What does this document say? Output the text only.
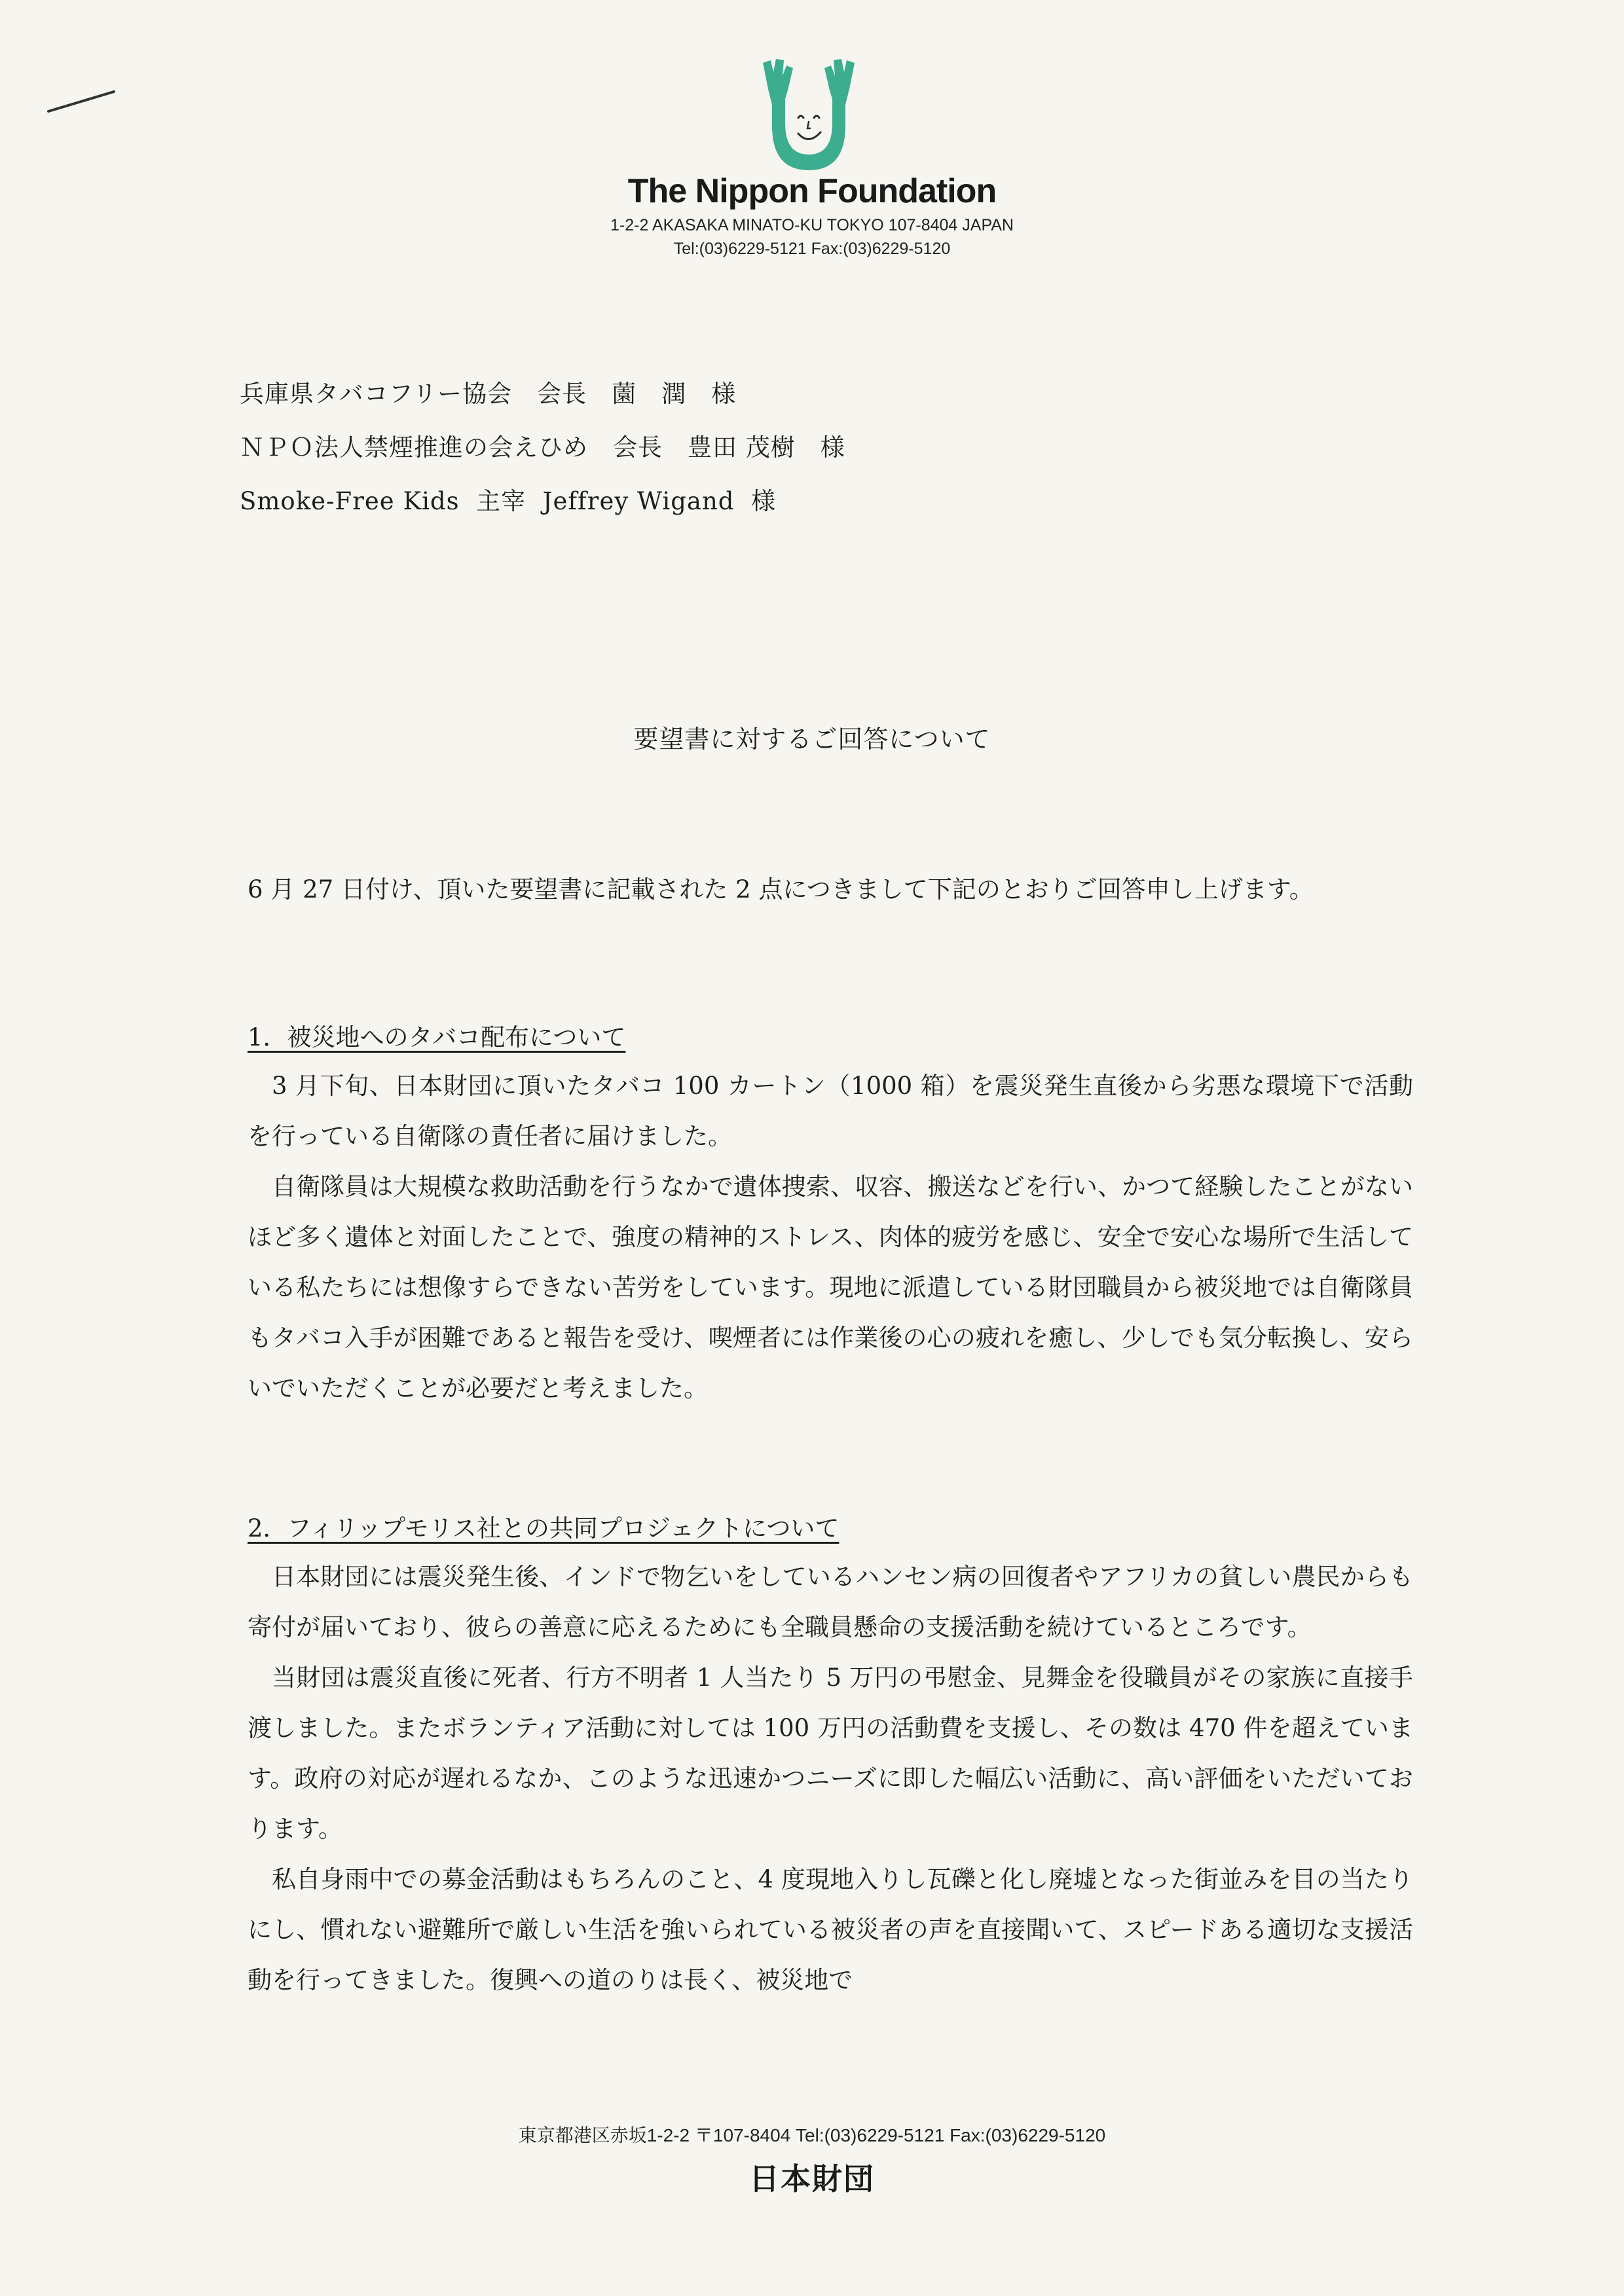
The Nippon Foundation
1-2-2 AKASAKA MINATO-KU TOKYO 107-8404 JAPAN
Tel:(03)6229-5121 Fax:(03)6229-5120
兵庫県タバコフリー協会　会長　薗　潤　様
ＮＰＯ法人禁煙推進の会えひめ　会長　豊田 茂樹　様
Smoke-Free Kids  主宰  Jeffrey Wigand  様
要望書に対するご回答について

6 月 27 日付け、頂いた要望書に記載された 2 点につきまして下記のとおりご回答申し上げます。

1．被災地へのタバコ配布について

3 月下旬、日本財団に頂いたタバコ 100 カートン（1000 箱）を震災発生直後から劣悪な環境下で活動を行っている自衛隊の責任者に届けました。

自衛隊員は大規模な救助活動を行うなかで遺体捜索、収容、搬送などを行い、かつて経験したことがないほど多く遺体と対面したことで、強度の精神的ストレス、肉体的疲労を感じ、安全で安心な場所で生活している私たちには想像すらできない苦労をしています。現地に派遣している財団職員から被災地では自衛隊員もタバコ入手が困難であると報告を受け、喫煙者には作業後の心の疲れを癒し、少しでも気分転換し、安らいでいただくことが必要だと考えました。

2．フィリップモリス社との共同プロジェクトについて

日本財団には震災発生後、インドで物乞いをしているハンセン病の回復者やアフリカの貧しい農民からも寄付が届いており、彼らの善意に応えるためにも全職員懸命の支援活動を続けているところです。

当財団は震災直後に死者、行方不明者 1 人当たり 5 万円の弔慰金、見舞金を役職員がその家族に直接手渡しました。またボランティア活動に対しては 100 万円の活動費を支援し、その数は 470 件を超えています。政府の対応が遅れるなか、このような迅速かつニーズに即した幅広い活動に、高い評価をいただいております。

私自身雨中での募金活動はもちろんのこと、4 度現地入りし瓦礫と化し廃墟となった街並みを目の当たりにし、慣れない避難所で厳しい生活を強いられている被災者の声を直接聞いて、スピードある適切な支援活動を行ってきました。復興への道のりは長く、被災地で

東京都港区赤坂1-2-2 〒107-8404 Tel:(03)6229-5121 Fax:(03)6229-5120
日本財団
